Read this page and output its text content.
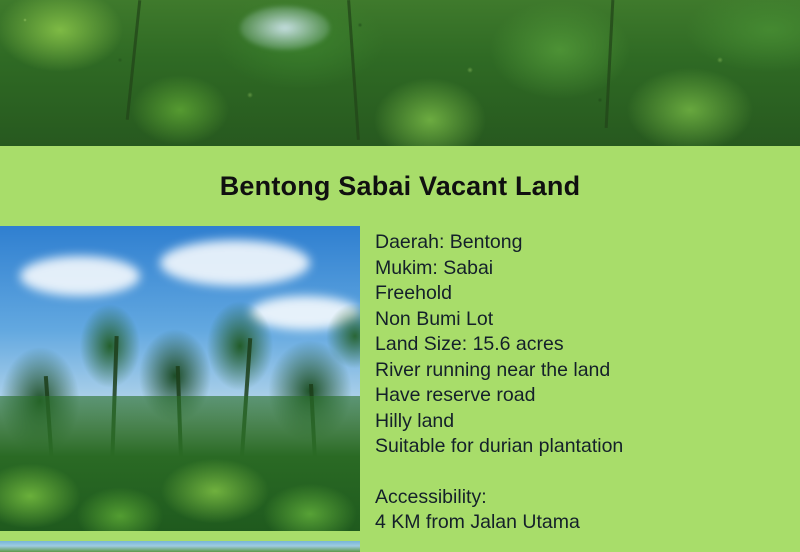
Bentong Sabai Vacant Land
Daerah: Bentong
Mukim: Sabai
Freehold
Non Bumi Lot
Land Size: 15.6 acres
River running near the land
Have reserve road
Hilly land
Suitable for durian plantation
Accessibility:
4 KM from Jalan Utama
